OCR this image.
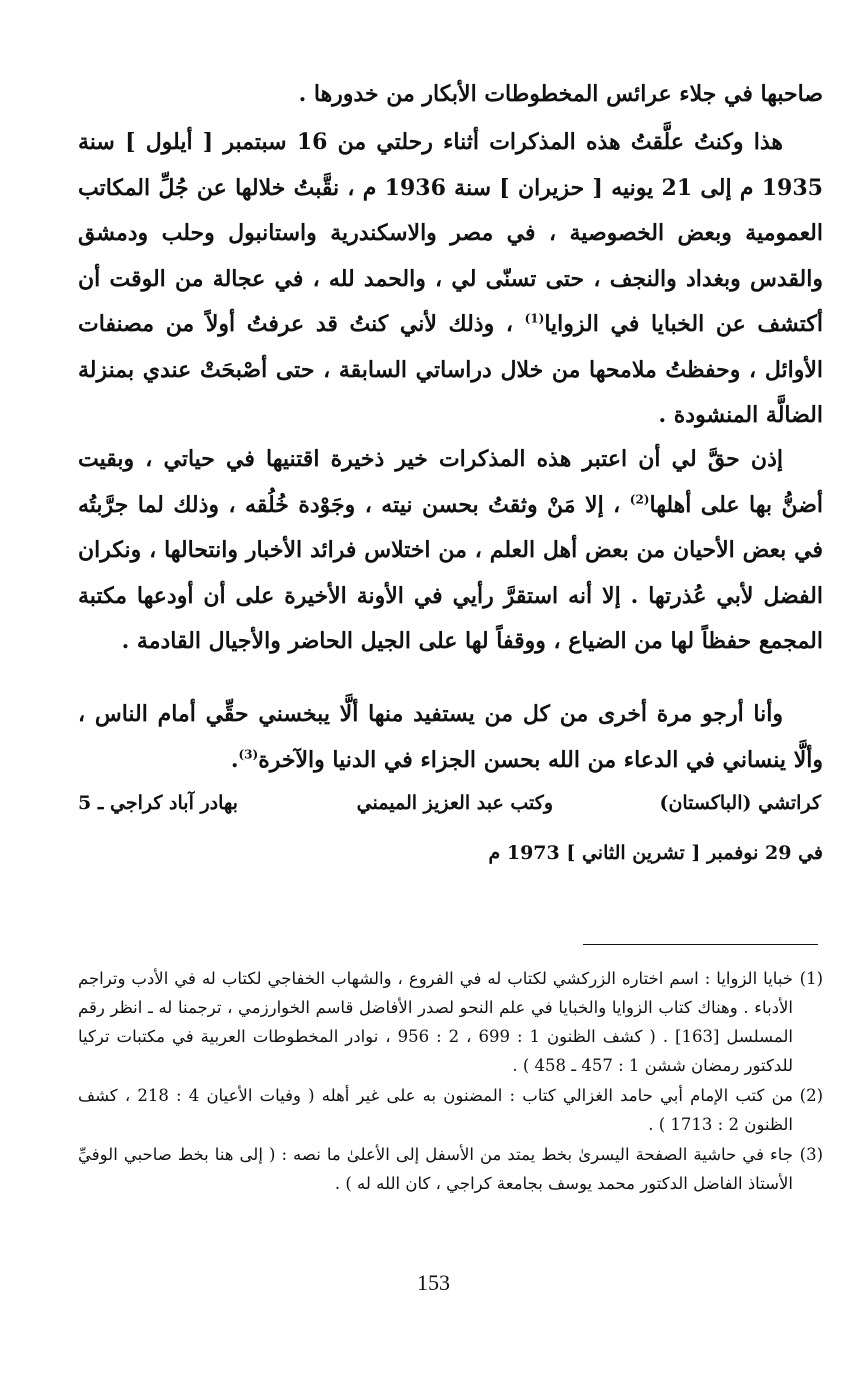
صاحبها في جلاء عرائس المخطوطات الأبكار من خدورها .

هذا وكنتُ علَّقتُ هذه المذكرات أثناء رحلتي من 16 سبتمبر [ أيلول ] سنة 1935 م إلى 21 يونيه [ حزيران ] سنة 1936 م ، نقَّبتُ خلالها عن جُلِّ المكاتب العمومية وبعض الخصوصية ، في مصر والاسكندرية واستانبول وحلب ودمشق والقدس وبغداد والنجف ، حتى تسنّى لي ، والحمد لله ، في عجالة من الوقت أن أكتشف عن الخبايا في الزوايا$^{(1)}$ ، وذلك لأني كنتُ قد عرفتُ أولاً من مصنفات الأوائل ، وحفظتُ ملامحها من خلال دراساتي السابقة ، حتى أصْبحَتْ عندي بمنزلة الضالَّة المنشودة .

إذن حقَّ لي أن اعتبر هذه المذكرات خير ذخيرة اقتنيها في حياتي ، وبقيت أضنُّ بها على أهلها$^{(2)}$ ، إلا مَنْ وثقتُ بحسن نيته ، وجَوْدة خُلُقه ، وذلك لما جرَّبتُه في بعض الأحيان من بعض أهل العلم ، من اختلاس فرائد الأخبار وانتحالها ، ونكران الفضل لأبي عُذرتها . إلا أنه استقرَّ رأيي في الأونة الأخيرة على أن أودعها مكتبة المجمع حفظاً لها من الضياع ، ووقفاً لها على الجيل الحاضر والأجيال القادمة .

وأنا أرجو مرة أخرى من كل من يستفيد منها ألَّا يبخسني حقِّي أمام الناس ، وألَّا ينساني في الدعاء من الله بحسن الجزاء في الدنيا والآخرة$^{(3)}$.

كراتشي (الباكستان)
وكتب عبد العزيز الميمني
بهادر آباد كراجي ـ 5
في 29 نوفمبر [ تشرين الثاني ] 1973 م
(1)
خبايا الزوايا : اسم اختاره الزركشي لكتاب له في الفروع ، والشهاب الخفاجي لكتاب له في الأدب وتراجم الأدباء . وهناك كتاب الزوايا والخبايا في علم النحو لصدر الأفاضل قاسم الخوارزمي ، ترجمنا له ـ انظر رقم المسلسل [163] . ( كشف الظنون 1 : 699 ، 2 : 956 ، نوادر المخطوطات العربية في مكتبات تركيا للدكتور رمضان ششن 1 : 457 ـ 458 ) .
(2)
من كتب الإمام أبي حامد الغزالي كتاب : المضنون به على غير أهله ( وفيات الأعيان 4 : 218 ، كشف الظنون 2 : 1713 ) .
(3)
جاء في حاشية الصفحة اليسرىٰ بخط يمتد من الأسفل إلى الأعلىٰ ما نصه : ( إلى هنا بخط صاحبي الوفيِّ الأستاذ الفاضل الدكتور محمد يوسف بجامعة كراجي ، كان الله له ) .
153
